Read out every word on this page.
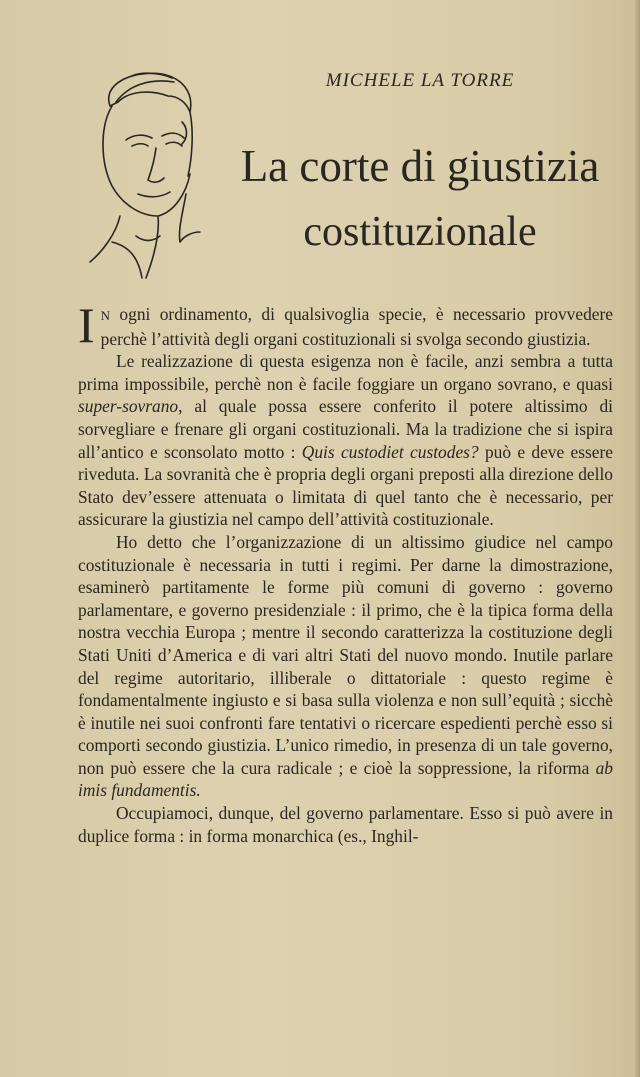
MICHELE LA TORRE
La corte di giustizia
costituzionale

IN ogni ordinamento, di qualsivoglia specie, è necessario provvedere perchè l’attività degli organi costituzionali si svolga secondo giustizia.

Le realizzazione di questa esigenza non è facile, anzi sembra a tutta prima impossibile, perchè non è facile foggiare un organo sovrano, e quasi super-sovrano, al quale possa essere conferito il potere altissimo di sorvegliare e frenare gli organi costituzionali. Ma la tradizione che si ispira all’antico e sconsolato motto : Quis custodiet custodes? può e deve essere riveduta. La sovranità che è propria degli organi preposti alla direzione dello Stato dev’essere attenuata o limitata di quel tanto che è necessario, per assicurare la giustizia nel campo dell’attività costituzionale.

Ho detto che l’organizzazione di un altissimo giudice nel campo costituzionale è necessaria in tutti i regimi. Per darne la dimostrazione, esaminerò partitamente le forme più comuni di governo : governo parlamentare, e governo presidenziale : il primo, che è la tipica forma della nostra vecchia Europa ; mentre il secondo caratterizza la costituzione degli Stati Uniti d’America e di vari altri Stati del nuovo mondo. Inutile parlare del regime autoritario, illiberale o dittatoriale : questo regime è fondamentalmente ingiusto e si basa sulla violenza e non sull’equità ; sicchè è inutile nei suoi confronti fare tentativi o ricercare espedienti perchè esso si comporti secondo giustizia. L’unico rimedio, in presenza di un tale governo, non può essere che la cura radicale ; e cioè la soppressione, la riforma ab imis fundamentis.

Occupiamoci, dunque, del governo parlamentare. Esso si può avere in duplice forma : in forma monarchica (es., Inghil-
